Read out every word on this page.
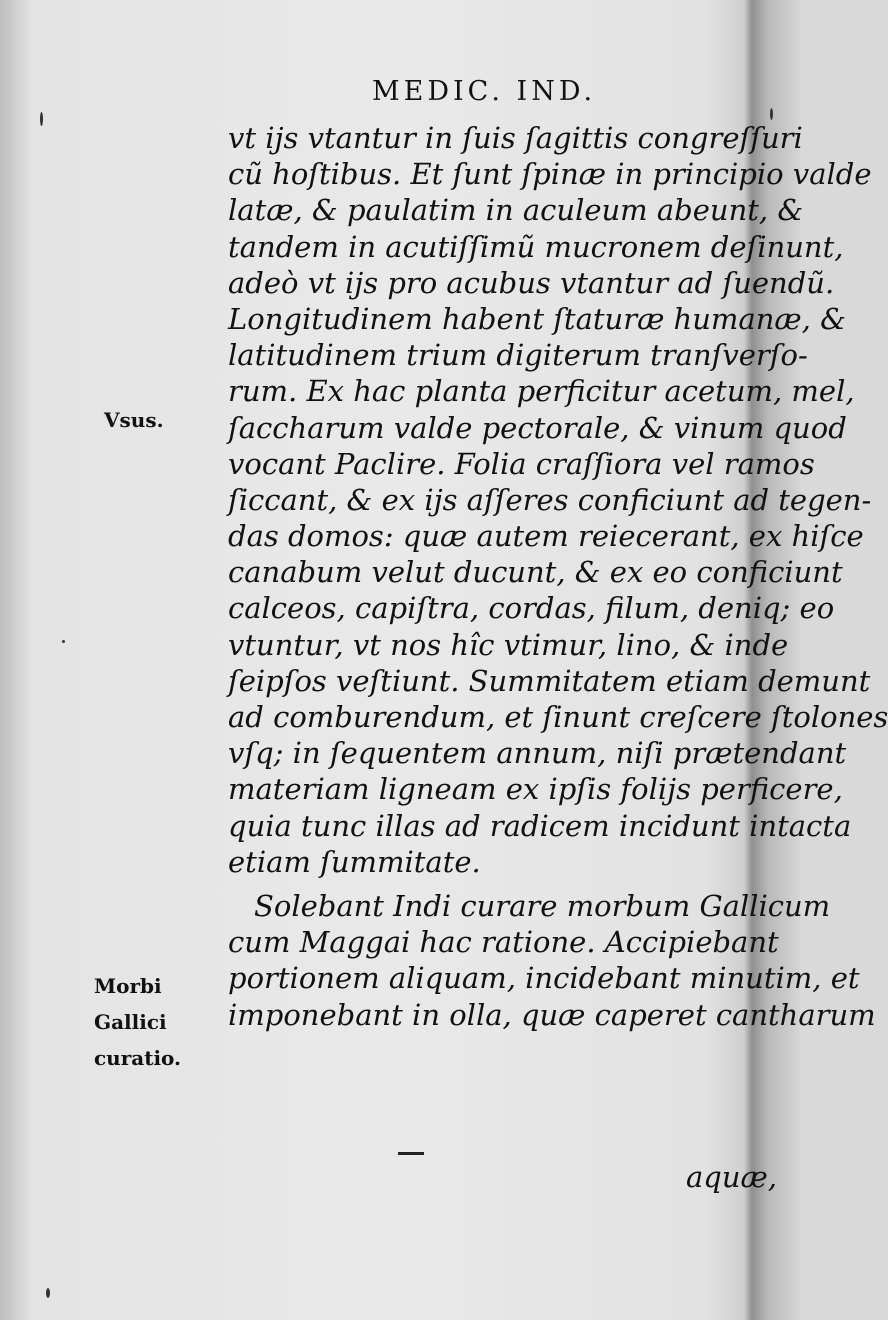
MEDIC. IND.
Vsus.
Morbi
Gallici
curatio.
vt ijs vtantur in ſuis ſagittis congreſſuri
cũ hoſtibus. Et ſunt ſpinæ in principio valde
latæ, & paulatim in aculeum abeunt, &
tandem in acutiſſimũ mucronem deſinunt,
adeò vt ijs pro acubus vtantur ad ſuendũ.
Longitudinem habent ſtaturæ humanæ, &
latitudinem trium digiterum tranſverſo-
rum. Ex hac planta perficitur acetum, mel,
ſaccharum valde pectorale, & vinum quod
vocant Paclire. Folia craſſiora vel ramos
ſiccant, & ex ijs aſſeres conficiunt ad tegen-
das domos: quæ autem reiecerant, ex hiſce
canabum velut ducunt, & ex eo conficiunt
calceos, capiſtra, cordas, filum, deniq; eo
vtuntur, vt nos hîc vtimur, lino, & inde
ſeipſos veſtiunt. Summitatem etiam demunt
ad comburendum, et ſinunt creſcere ſtolones
vſq; in ſequentem annum, niſi prætendant
materiam ligneam ex ipſis folijs perficere,
quia tunc illas ad radicem incidunt intacta
etiam ſummitate.
Solebant Indi curare morbum Gallicum
cum Maggai hac ratione. Accipiebant
portionem aliquam, incidebant minutim, et
imponebant in olla, quæ caperet cantharum
aquæ,
